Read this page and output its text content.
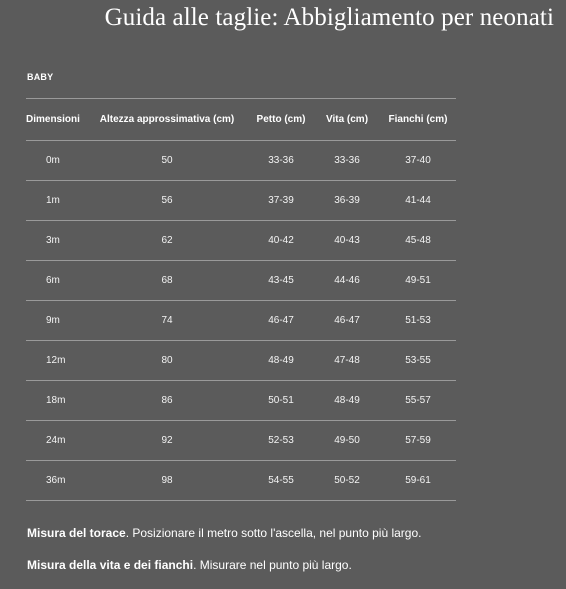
Guida alle taglie: Abbigliamento per neonati
BABY
Dimensioni	Altezza approssimativa (cm)	Petto (cm)	Vita (cm)	Fianchi (cm)
0m	50	33-36	33-36	37-40
1m	56	37-39	36-39	41-44
3m	62	40-42	40-43	45-48
6m	68	43-45	44-46	49-51
9m	74	46-47	46-47	51-53
12m	80	48-49	47-48	53-55
18m	86	50-51	48-49	55-57
24m	92	52-53	49-50	57-59
36m	98	54-55	50-52	59-61
Misura del torace. Posizionare il metro sotto l'ascella, nel punto più largo.
Misura della vita e dei fianchi. Misurare nel punto più largo.
